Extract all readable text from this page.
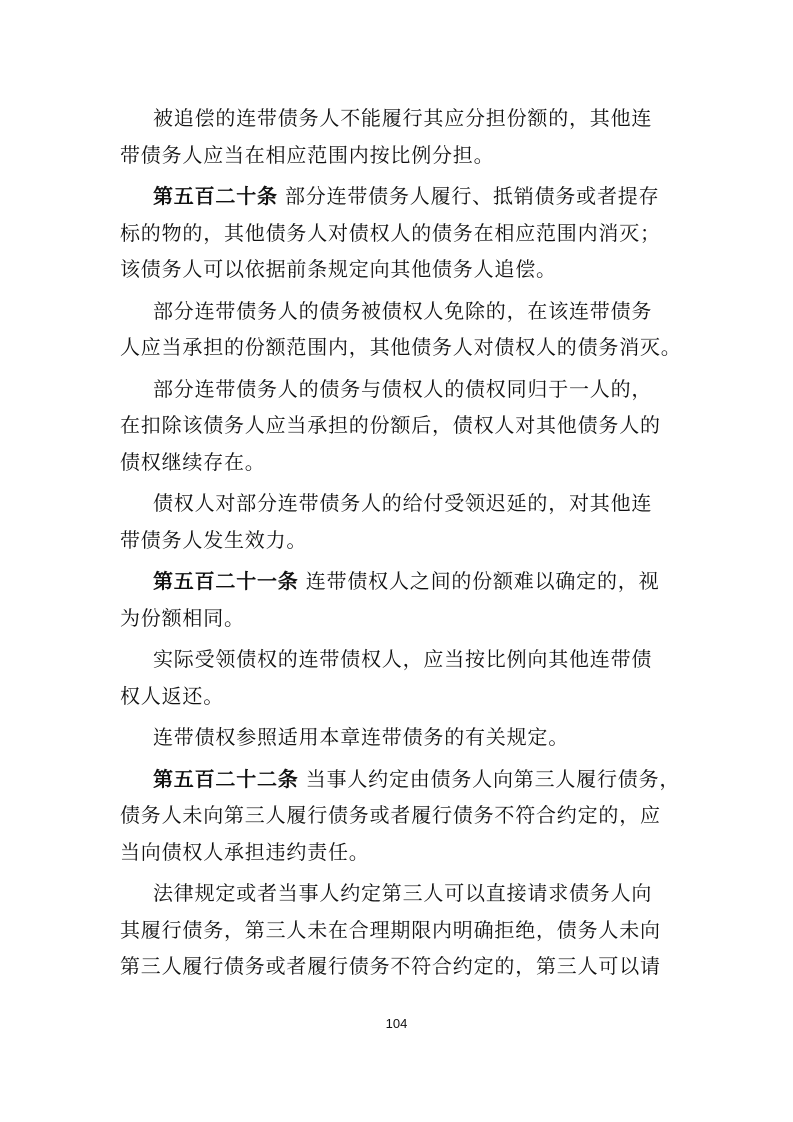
被追偿的连带债务人不能履行其应分担份额的，其他连
带债务人应当在相应范围内按比例分担。
第五百二十条 部分连带债务人履行、抵销债务或者提存
标的物的，其他债务人对债权人的债务在相应范围内消灭；
该债务人可以依据前条规定向其他债务人追偿。
部分连带债务人的债务被债权人免除的，在该连带债务
人应当承担的份额范围内，其他债务人对债权人的债务消灭。
部分连带债务人的债务与债权人的债权同归于一人的，
在扣除该债务人应当承担的份额后，债权人对其他债务人的
债权继续存在。
债权人对部分连带债务人的给付受领迟延的，对其他连
带债务人发生效力。
第五百二十一条 连带债权人之间的份额难以确定的，视
为份额相同。
实际受领债权的连带债权人，应当按比例向其他连带债
权人返还。
连带债权参照适用本章连带债务的有关规定。
第五百二十二条 当事人约定由债务人向第三人履行债务，
债务人未向第三人履行债务或者履行债务不符合约定的，应
当向债权人承担违约责任。
法律规定或者当事人约定第三人可以直接请求债务人向
其履行债务，第三人未在合理期限内明确拒绝，债务人未向
第三人履行债务或者履行债务不符合约定的，第三人可以请
104
